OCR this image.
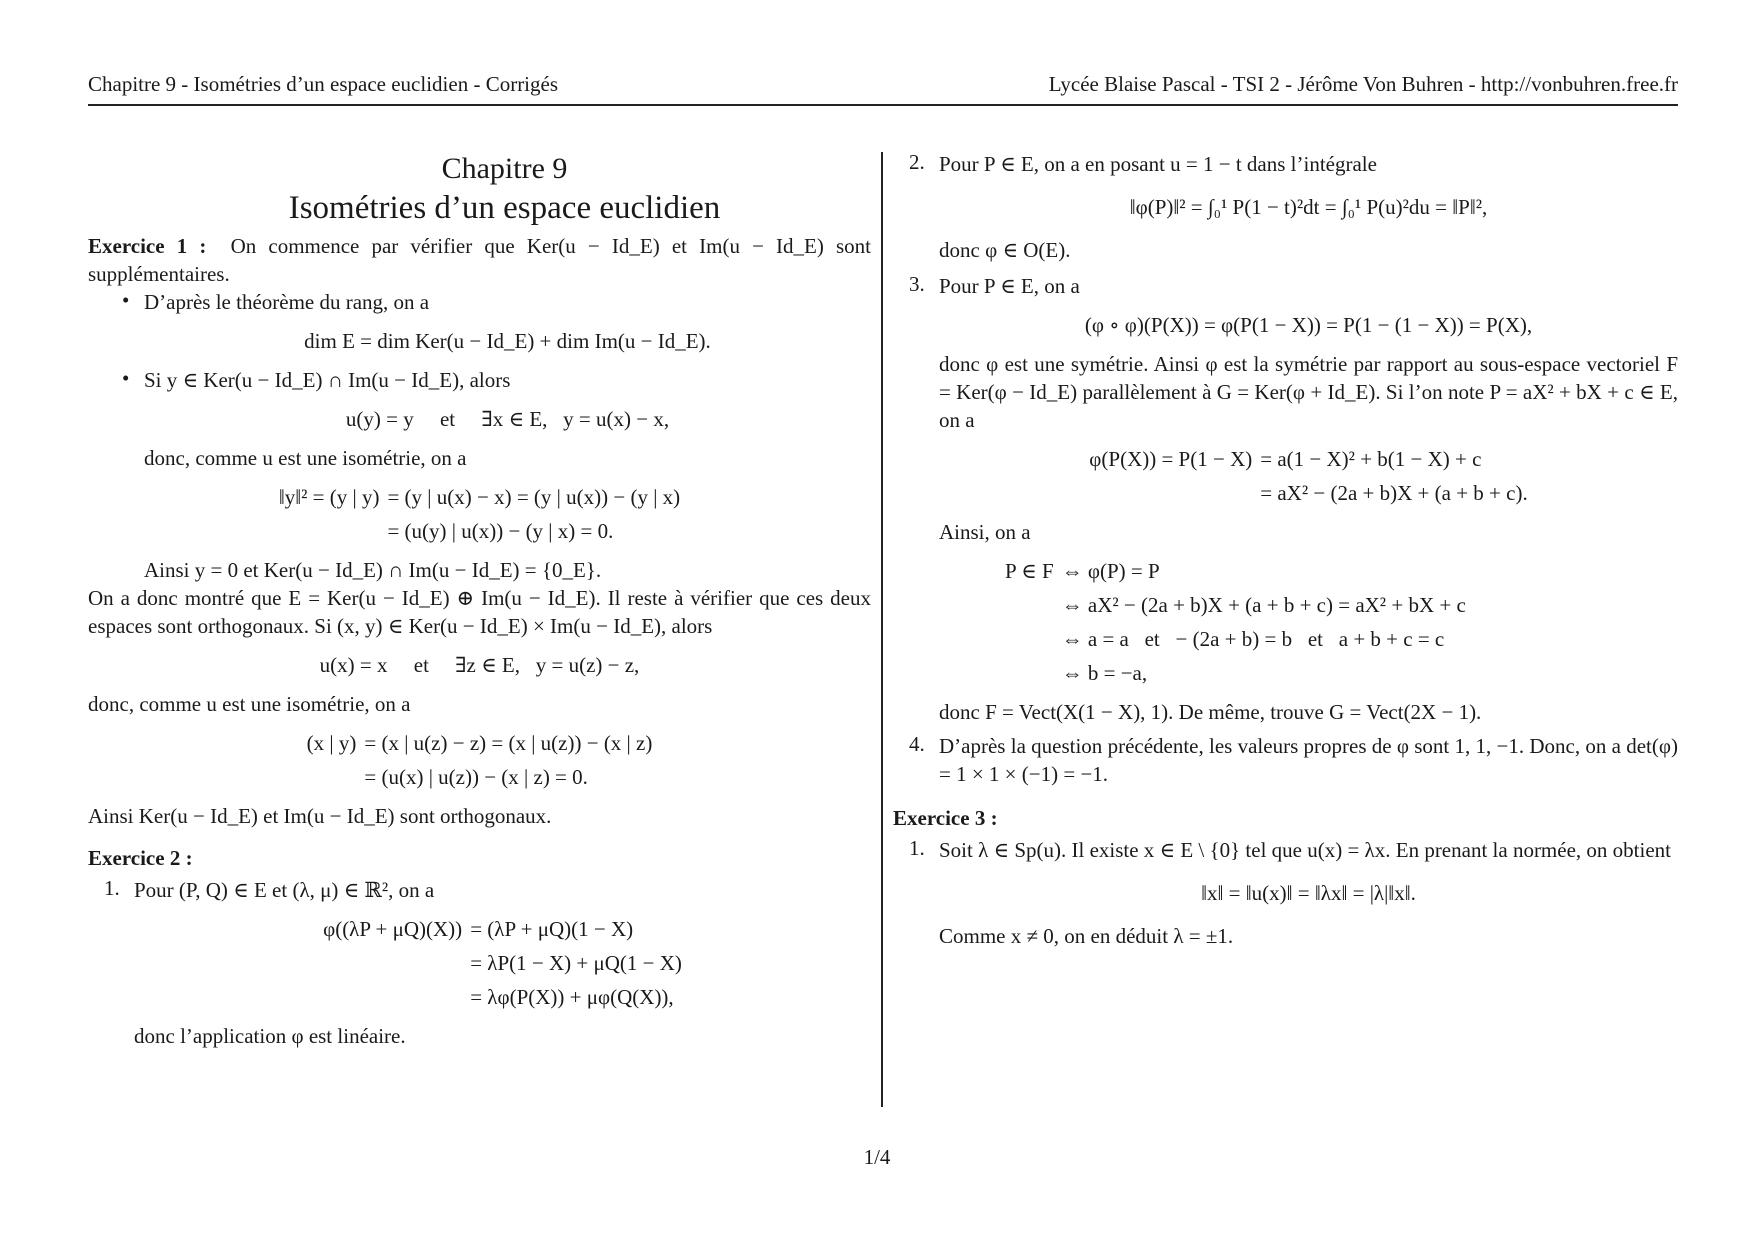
Chapitre 9 - Isométries d’un espace euclidien - Corrigés	Lycée Blaise Pascal - TSI 2 - Jérôme Von Buhren - http://vonbuhren.free.fr
Chapitre 9
Isométries d’un espace euclidien

Exercice 1 : On commence par vérifier que Ker(u − Id_E) et Im(u − Id_E) sont supplémentaires.

• D’après le théorème du rang, on a

dim E = dim Ker(u − Id_E) + dim Im(u − Id_E).
• Si y ∈ Ker(u − Id_E) ∩ Im(u − Id_E), alors

u(y) = y     et     ∃x ∈ E,   y = u(x) − x,

donc, comme u est une isométrie, on a

‖y‖² = (y | y) = (y | u(x) − x) = (y | u(x)) − (y | x)
= (u(y) | u(x)) − (y | x) = 0.

Ainsi y = 0 et Ker(u − Id_E) ∩ Im(u − Id_E) = {0_E}.

On a donc montré que E = Ker(u − Id_E) ⊕ Im(u − Id_E). Il reste à vérifier que ces deux espaces sont orthogonaux. Si (x, y) ∈ Ker(u − Id_E) × Im(u − Id_E), alors

u(x) = x     et     ∃z ∈ E,   y = u(z) − z,

donc, comme u est une isométrie, on a

(x | y) = (x | u(z) − z) = (x | u(z)) − (x | z)
= (u(x) | u(z)) − (x | z) = 0.

Ainsi Ker(u − Id_E) et Im(u − Id_E) sont orthogonaux.

Exercice 2 :

1. Pour (P, Q) ∈ E et (λ, μ) ∈ ℝ², on a

φ((λP + μQ)(X)) = (λP + μQ)(1 − X)
= λP(1 − X) + μQ(1 − X)
= λφ(P(X)) + μφ(Q(X)),

donc l’application φ est linéaire.

2. Pour P ∈ E, on a en posant u = 1 − t dans l’intégrale

‖φ(P)‖² = ∫₀¹ P(1 − t)²dt = ∫₀¹ P(u)²du = ‖P‖²,

donc φ ∈ O(E).

3. Pour P ∈ E, on a

(φ ∘ φ)(P(X)) = φ(P(1 − X)) = P(1 − (1 − X)) = P(X),

donc φ est une symétrie. Ainsi φ est la symétrie par rapport au sous-espace vectoriel F = Ker(φ − Id_E) parallèlement à G = Ker(φ + Id_E). Si l’on note P = aX² + bX + c ∈ E, on a

φ(P(X)) = P(1 − X) = a(1 − X)² + b(1 − X) + c
= aX² − (2a + b)X + (a + b + c).

Ainsi, on a

P ∈ F ⇔ φ(P) = P
⇔ aX² − (2a + b)X + (a + b + c) = aX² + bX + c
⇔ a = a   et   − (2a + b) = b   et   a + b + c = c
⇔ b = −a,

donc F = Vect(X(1 − X), 1). De même, trouve G = Vect(2X − 1).

4. D’après la question précédente, les valeurs propres de φ sont 1, 1, −1. Donc, on a det(φ) = 1 × 1 × (−1) = −1.

Exercice 3 :

1. Soit λ ∈ Sp(u). Il existe x ∈ E \ {0} tel que u(x) = λx. En prenant la normée, on obtient

‖x‖ = ‖u(x)‖ = ‖λx‖ = |λ|‖x‖.

Comme x ≠ 0, on en déduit λ = ±1.

1/4
